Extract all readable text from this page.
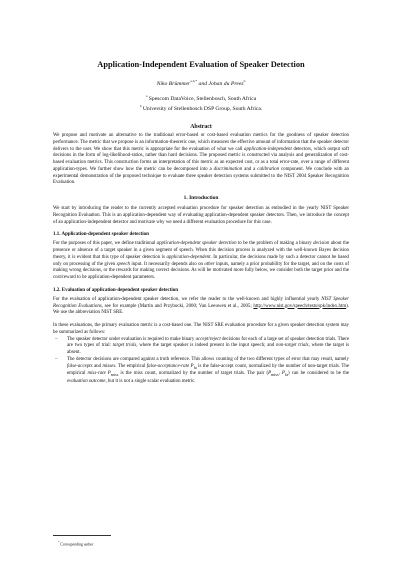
Application-Independent Evaluation of Speaker Detection
Niko Brümmer$^{a,b,*}$ and Johan du Preez$^b$
$^a$ Spescom DataVoice, Stellenbosch, South Africa
$^b$ University of Stellenbosch DSP Group, South Africa.
Abstract

We propose and motivate an alternative to the traditional error-based or cost-based evaluation metrics for the goodness of speaker detection performance. The metric that we propose is an information-theoretic one, which measures the effective amount of information that the speaker detector delivers to the user. We show that this metric is appropriate for the evaluation of what we call application-independent detectors, which output soft decisions in the form of log-likelihood-ratios, rather than hard decisions. The proposed metric is constructed via analysis and generalization of cost-based evaluation metrics. This construction forms an interpretation of this metric as an expected cost, or as a total error-rate, over a range of different application-types. We further show how the metric can be decomposed into a discrimination and a calibration component. We conclude with an experimental demonstration of the proposed technique to evaluate three speaker detection systems submitted to the NIST 2004 Speaker Recognition Evaluation.

1. Introduction

We start by introducing the reader to the currently accepted evaluation procedure for speaker detection as embodied in the yearly NIST Speaker Recognition Evaluation. This is an application-dependent way of evaluating application-dependent speaker detectors. Then, we introduce the concept of an application-independent detector and motivate why we need a different evaluation procedure for this case.

1.1. Application-dependent speaker detection

For the purposes of this paper, we define traditional application-dependent speaker detection to be the problem of making a binary decision about the presence or absence of a target speaker in a given segment of speech. When this decision process is analyzed with the well-known Bayes decision theory, it is evident that this type of speaker detection is application-dependent. In particular, the decisions made by such a detector cannot be based only on processing of the given speech input. It necessarily depends also on other inputs, namely a prior probability for the target, and on the costs of making wrong decisions, or the rewards for making correct decisions. As will be motivated more fully below, we consider both the target prior and the cost/reward to be application-dependent parameters.

1.2. Evaluation of application-dependent speaker detection

For the evaluation of application-dependent speaker detection, we refer the reader to the well-known and highly influential yearly NIST Speaker Recognition Evaluations, see for example (Martin and Przybocki, 2000; Van Leeuwen et al., 2005; http://www.nist.gov/speech/tests/spk/index.htm). We use the abbreviation NIST SRE.

In these evaluations, the primary evaluation metric is a cost-based one. The NIST SRE evaluation procedure for a given speaker detection system may be summarized as follows:

– The speaker detector under evaluation is required to make binary accept/reject decisions for each of a large set of speaker detection trials. There are two types of trial: target trials, where the target speaker is indeed present in the input speech; and non-target trials, where the target is absent.
– The detector decisions are compared against a truth reference. This allows counting of the two different types of error that may result, namely false-accepts and misses. The empirical false-acceptance-rate $P_{fa}$ is the false-accept count, normalized by the number of non-target trials. The empirical miss-rate $P_{miss}$ is the miss count, normalized by the number of target trials. The pair ($P_{miss}$, $P_{fa}$) can be considered to be the evaluation outcome, but it is not a single scalar evaluation metric.
* Corresponding author
